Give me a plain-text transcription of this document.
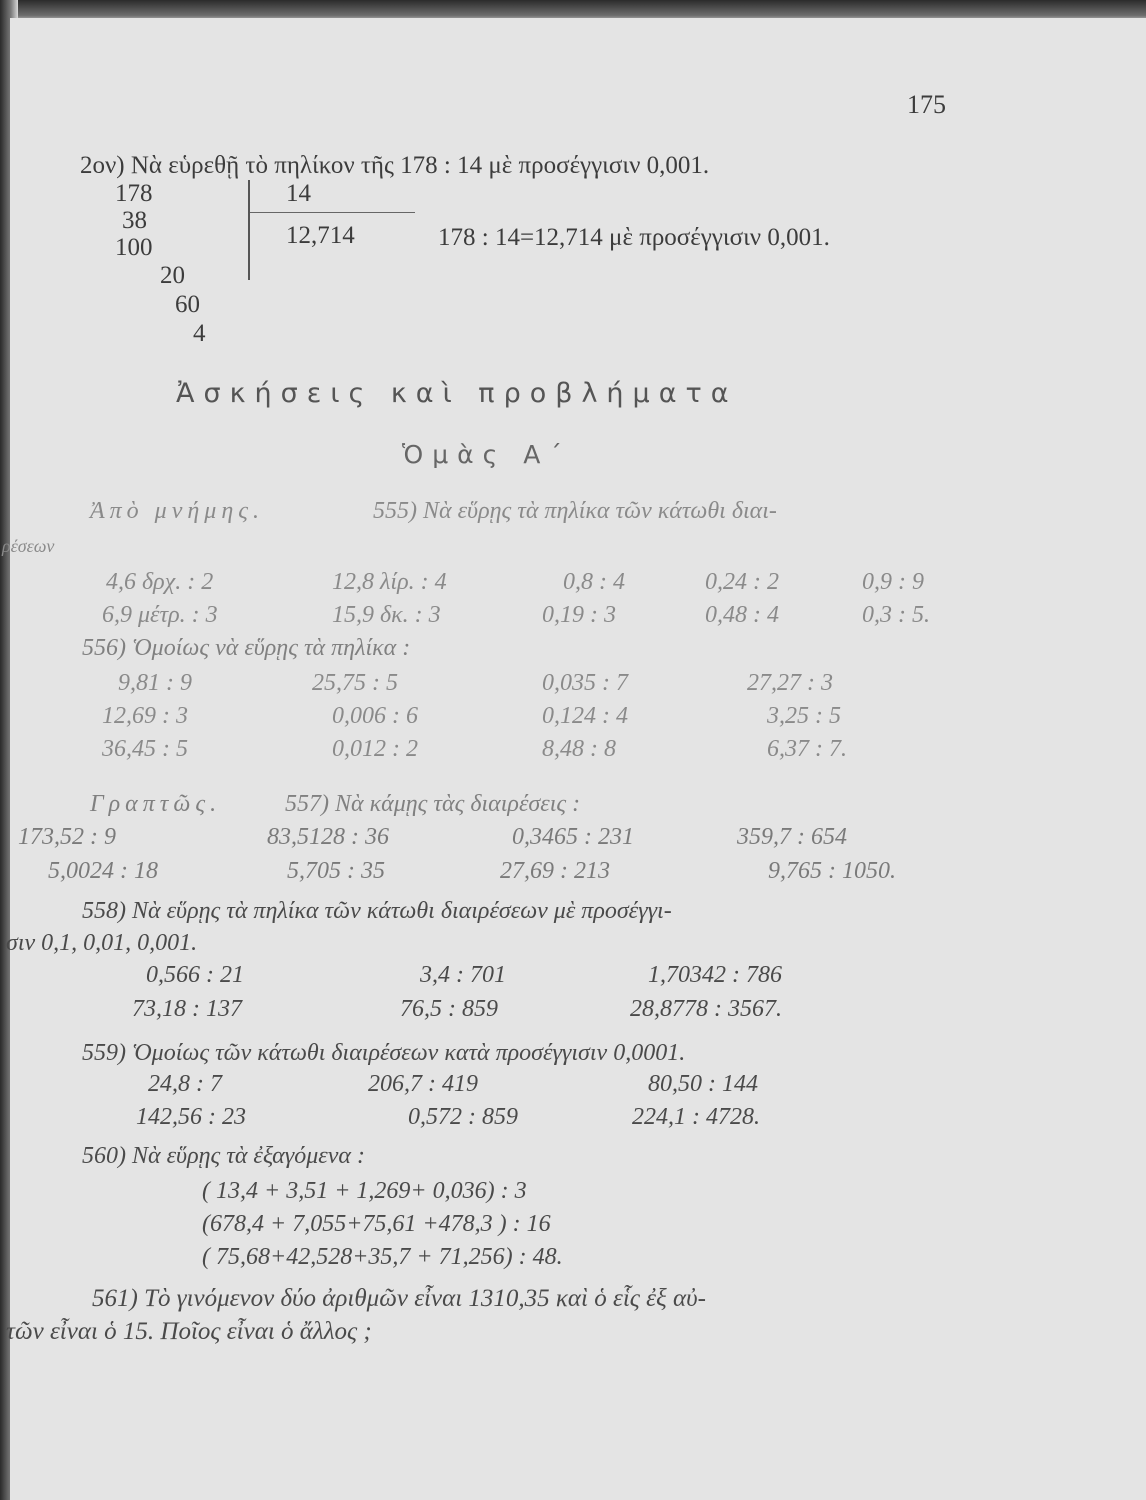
175
2ον) Νὰ εὑρεθῇ τὸ πηλίκον τῆς 178 : 14 μὲ προσέγγισιν 0,001.
178
38
100
20
60
4
14
12,714	178 : 14=12,714 μὲ προσέγγισιν 0,001.
Ἀσκήσεις καὶ προβλήματα
Ὁμὰς Α΄
Ἀπὸ μνήμης.	555) Νὰ εὕρῃς τὰ πηλίκα τῶν κάτωθι διαι-
ρέσεων
4,6 δρχ. : 2	12,8 λίρ. : 4	0,8 : 4	0,24 : 2	0,9 : 9
6,9 μέτρ. : 3	15,9 δκ. : 3	0,19 : 3	0,48 : 4	0,3 : 5.
556) Ὁμοίως νὰ εὕρῃς τὰ πηλίκα :
9,81 : 9	25,75 : 5	0,035 : 7	27,27 : 3
12,69 : 3	0,006 : 6	0,124 : 4	3,25 : 5
36,45 : 5	0,012 : 2	8,48 : 8	6,37 : 7.
Γραπτῶς.	557) Νὰ κάμῃς τὰς διαιρέσεις :
173,52 : 9	83,5128 : 36	0,3465 : 231	359,7 : 654
5,0024 : 18	5,705 : 35	27,69 : 213	9,765 : 1050.
558) Νὰ εὕρῃς τὰ πηλίκα τῶν κάτωθι διαιρέσεων μὲ προσέγγι-
σιν 0,1, 0,01, 0,001.
0,566 : 21	3,4 : 701	1,70342 : 786
73,18 : 137	76,5 : 859	28,8778 : 3567.
559) Ὁμοίως τῶν κάτωθι διαιρέσεων κατὰ προσέγγισιν 0,0001.
24,8 : 7	206,7 : 419	80,50 : 144
142,56 : 23	0,572 : 859	224,1 : 4728.
560) Νὰ εὕρῃς τὰ ἐξαγόμενα :
( 13,4 + 3,51 + 1,269+ 0,036) : 3
(678,4 + 7,055+75,61 +478,3 ) : 16
( 75,68+42,528+35,7 + 71,256) : 48.
561) Τὸ γινόμενον δύο ἀριθμῶν εἶναι 1310,35 καὶ ὁ εἷς ἐξ αὐ-
τῶν εἶναι ὁ 15. Ποῖος εἶναι ὁ ἄλλος ;
